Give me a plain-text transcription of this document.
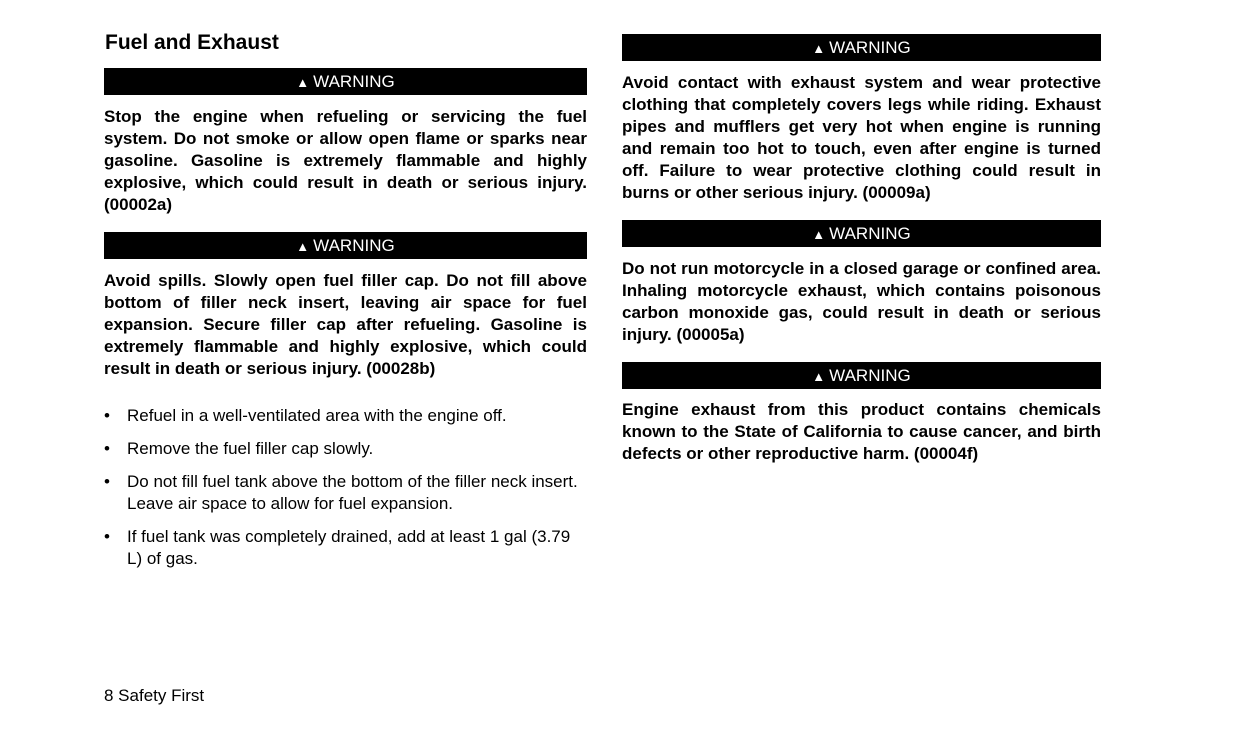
Fuel and Exhaust
▲ WARNING
Stop the engine when refueling or servicing the fuel system. Do not smoke or allow open flame or sparks near gasoline. Gasoline is extremely flammable and highly explosive, which could result in death or serious injury. (00002a)
▲ WARNING
Avoid spills. Slowly open fuel filler cap. Do not fill above bottom of filler neck insert, leaving air space for fuel expansion. Secure filler cap after refueling. Gasoline is extremely flammable and highly explosive, which could result in death or serious injury. (00028b)
• Refuel in a well-ventilated area with the engine off.
• Remove the fuel filler cap slowly.
• Do not fill fuel tank above the bottom of the filler neck insert. Leave air space to allow for fuel expansion.
• If fuel tank was completely drained, add at least 1 gal (3.79 L) of gas.
▲ WARNING
Avoid contact with exhaust system and wear protective clothing that completely covers legs while riding. Exhaust pipes and mufflers get very hot when engine is running and remain too hot to touch, even after engine is turned off. Failure to wear protective clothing could result in burns or other serious injury. (00009a)
▲ WARNING
Do not run motorcycle in a closed garage or confined area. Inhaling motorcycle exhaust, which contains poisonous carbon monoxide gas, could result in death or serious injury. (00005a)
▲ WARNING
Engine exhaust from this product contains chemicals known to the State of California to cause cancer, and birth defects or other reproductive harm. (00004f)
8 Safety First
